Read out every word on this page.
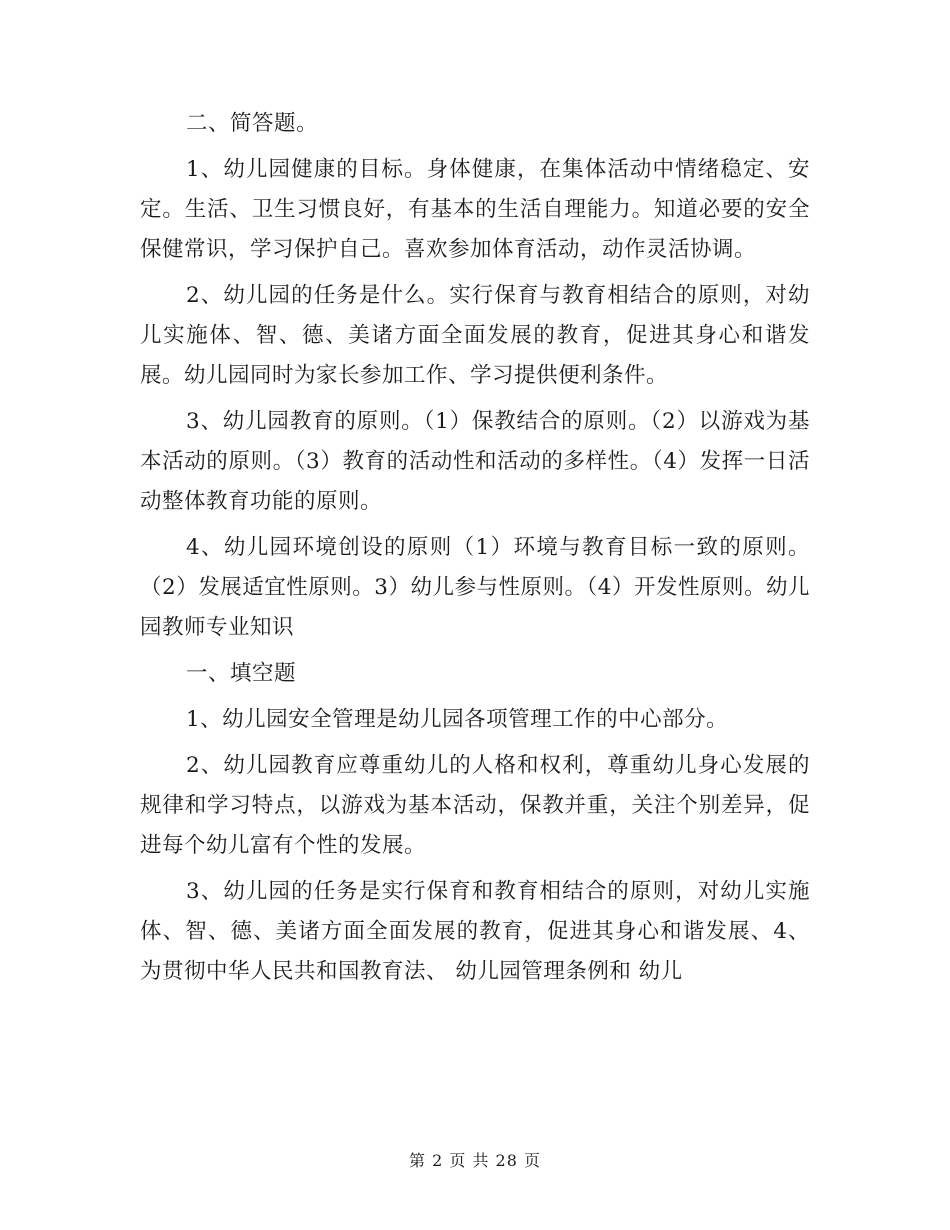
二、简答题。

1、幼儿园健康的目标。身体健康，在集体活动中情绪稳定、安定。生活、卫生习惯良好，有基本的生活自理能力。知道必要的安全保健常识，学习保护自己。喜欢参加体育活动，动作灵活协调。

2、幼儿园的任务是什么。实行保育与教育相结合的原则，对幼儿实施体、智、德、美诸方面全面发展的教育，促进其身心和谐发展。幼儿园同时为家长参加工作、学习提供便利条件。

3、幼儿园教育的原则。（1）保教结合的原则。（2）以游戏为基本活动的原则。（3）教育的活动性和活动的多样性。（4）发挥一日活动整体教育功能的原则。

4、幼儿园环境创设的原则（1）环境与教育目标一致的原则。（2）发展适宜性原则。3）幼儿参与性原则。（4）开发性原则。幼儿园教师专业知识

一、填空题

1、幼儿园安全管理是幼儿园各项管理工作的中心部分。

2、幼儿园教育应尊重幼儿的人格和权利，尊重幼儿身心发展的规律和学习特点，以游戏为基本活动，保教并重，关注个别差异，促进每个幼儿富有个性的发展。

3、幼儿园的任务是实行保育和教育相结合的原则，对幼儿实施体、智、德、美诸方面全面发展的教育，促进其身心和谐发展、4、为贯彻中华人民共和国教育法、 幼儿园管理条例和 幼儿

第 2 页 共 28 页
